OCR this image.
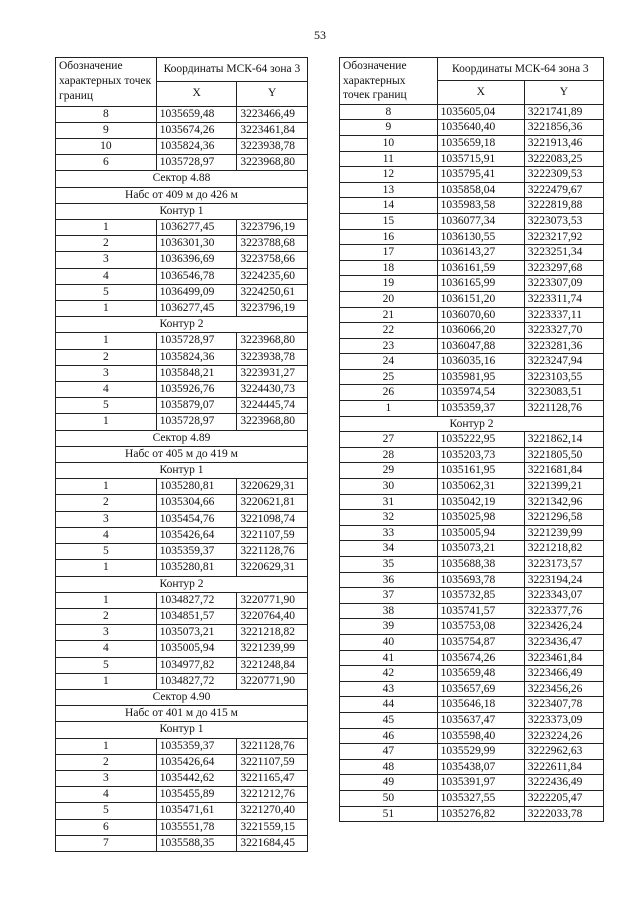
53
Обозначение характерных точек границ	Координаты МСК-64 зона 3	
	X	Y
8	1035659,48	3223466,49
9	1035674,26	3223461,84
10	1035824,36	3223938,78
6	1035728,97	3223968,80
Сектор 4.88		
Набс от 409 м до 426 м		
Контур 1		
1	1036277,45	3223796,19
2	1036301,30	3223788,68
3	1036396,69	3223758,66
4	1036546,78	3224235,60
5	1036499,09	3224250,61
1	1036277,45	3223796,19
Контур 2		
1	1035728,97	3223968,80
2	1035824,36	3223938,78
3	1035848,21	3223931,27
4	1035926,76	3224430,73
5	1035879,07	3224445,74
1	1035728,97	3223968,80
Сектор 4.89		
Набс от 405 м до 419 м		
Контур 1		
1	1035280,81	3220629,31
2	1035304,66	3220621,81
3	1035454,76	3221098,74
4	1035426,64	3221107,59
5	1035359,37	3221128,76
1	1035280,81	3220629,31
Контур 2		
1	1034827,72	3220771,90
2	1034851,57	3220764,40
3	1035073,21	3221218,82
4	1035005,94	3221239,99
5	1034977,82	3221248,84
1	1034827,72	3220771,90
Сектор 4.90		
Набс от 401 м до 415 м		
Контур 1		
1	1035359,37	3221128,76
2	1035426,64	3221107,59
3	1035442,62	3221165,47
4	1035455,89	3221212,76
5	1035471,61	3221270,40
6	1035551,78	3221559,15
7	1035588,35	3221684,45
Обозначение характерных точек границ	Координаты МСК-64 зона 3	
	X	Y
8	1035605,04	3221741,89
9	1035640,40	3221856,36
10	1035659,18	3221913,46
11	1035715,91	3222083,25
12	1035795,41	3222309,53
13	1035858,04	3222479,67
14	1035983,58	3222819,88
15	1036077,34	3223073,53
16	1036130,55	3223217,92
17	1036143,27	3223251,34
18	1036161,59	3223297,68
19	1036165,99	3223307,09
20	1036151,20	3223311,74
21	1036070,60	3223337,11
22	1036066,20	3223327,70
23	1036047,88	3223281,36
24	1036035,16	3223247,94
25	1035981,95	3223103,55
26	1035974,54	3223083,51
1	1035359,37	3221128,76
Контур 2		
27	1035222,95	3221862,14
28	1035203,73	3221805,50
29	1035161,95	3221681,84
30	1035062,31	3221399,21
31	1035042,19	3221342,96
32	1035025,98	3221296,58
33	1035005,94	3221239,99
34	1035073,21	3221218,82
35	1035688,38	3223173,57
36	1035693,78	3223194,24
37	1035732,85	3223343,07
38	1035741,57	3223377,76
39	1035753,08	3223426,24
40	1035754,87	3223436,47
41	1035674,26	3223461,84
42	1035659,48	3223466,49
43	1035657,69	3223456,26
44	1035646,18	3223407,78
45	1035637,47	3223373,09
46	1035598,40	3223224,26
47	1035529,99	3222962,63
48	1035438,07	3222611,84
49	1035391,97	3222436,49
50	1035327,55	3222205,47
51	1035276,82	3222033,78
